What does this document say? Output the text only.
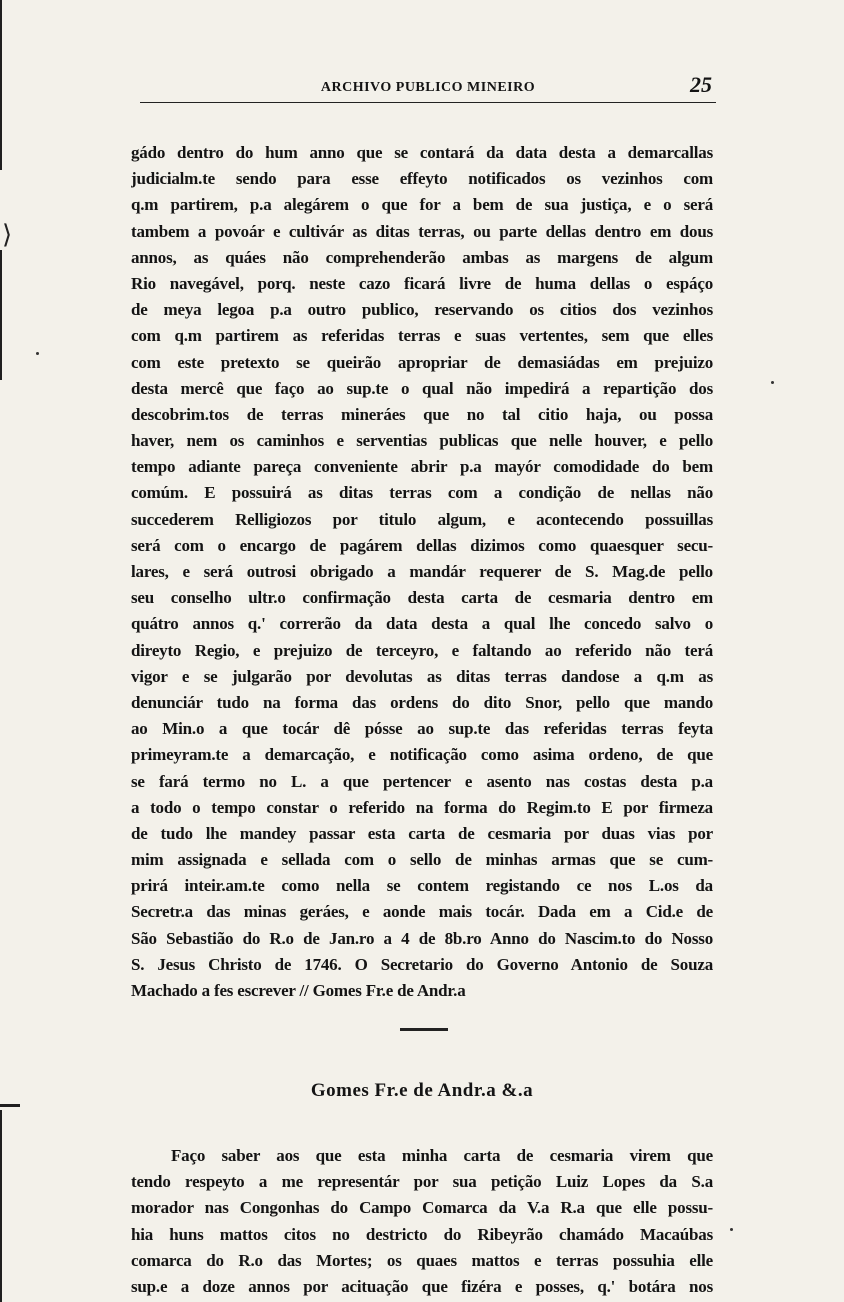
⟩
ARCHIVO PUBLICO MINEIRO	25
gádo dentro do hum anno que se contará da data desta a demarcallas
judicialm.te sendo para esse effeyto notificados os vezinhos com
q.m partirem, p.a alegárem o que for a bem de sua justiça, e o será
tambem a povoár e cultivár as ditas terras, ou parte dellas dentro em dous
annos, as quáes não comprehenderão ambas as margens de algum
Rio navegável, porq. neste cazo ficará livre de huma dellas o espáço
de meya legoa p.a outro publico, reservando os citios dos vezinhos
com q.m partirem as referidas terras e suas vertentes, sem que elles
com este pretexto se queirão apropriar de demasiádas em prejuizo
desta mercê que faço ao sup.te o qual não impedirá a repartição dos
descobrim.tos de terras mineráes que no tal citio haja, ou possa
haver, nem os caminhos e serventias publicas que nelle houver, e pello
tempo adiante pareça conveniente abrir p.a mayór comodidade do bem
comúm. E possuirá as ditas terras com a condição de nellas não
succederem Relligiozos por titulo algum, e acontecendo possuillas
será com o encargo de pagárem dellas dizimos como quaesquer secu-
lares, e será outrosi obrigado a mandár requerer de S. Mag.de pello
seu conselho ultr.o confirmação desta carta de cesmaria dentro em
quátro annos q.' correrão da data desta a qual lhe concedo salvo o
direyto Regio, e prejuizo de terceyro, e faltando ao referido não terá
vigor e se julgarão por devolutas as ditas terras dandose a q.m as
denunciár tudo na forma das ordens do dito Snor, pello que mando
ao Min.o a que tocár dê pósse ao sup.te das referidas terras feyta
primeyram.te a demarcação, e notificação como asima ordeno, de que
se fará termo no L. a que pertencer e asento nas costas desta p.a
a todo o tempo constar o referido na forma do Regim.to E por firmeza
de tudo lhe mandey passar esta carta de cesmaria por duas vias por
mim assignada e sellada com o sello de minhas armas que se cum-
prirá inteir.am.te como nella se contem registando ce nos L.os da
Secretr.a das minas geráes, e aonde mais tocár. Dada em a Cid.e de
São Sebastião do R.o de Jan.ro a 4 de 8b.ro Anno do Nascim.to do Nosso
S. Jesus Christo de 1746. O Secretario do Governo Antonio de Souza
Machado a fes escrever // Gomes Fr.e de Andr.a
Gomes Fr.e de Andr.a &.a
Faço saber aos que esta minha carta de cesmaria virem que
tendo respeyto a me representár por sua petição Luiz Lopes da S.a
morador nas Congonhas do Campo Comarca da V.a R.a que elle possu-
hia huns mattos citos no destricto do Ribeyrão chamádo Macaúbas
comarca do R.o das Mortes; os quaes mattos e terras possuhia elle
sup.e a doze annos por acituação que fizéra e posses, q.' botára nos
